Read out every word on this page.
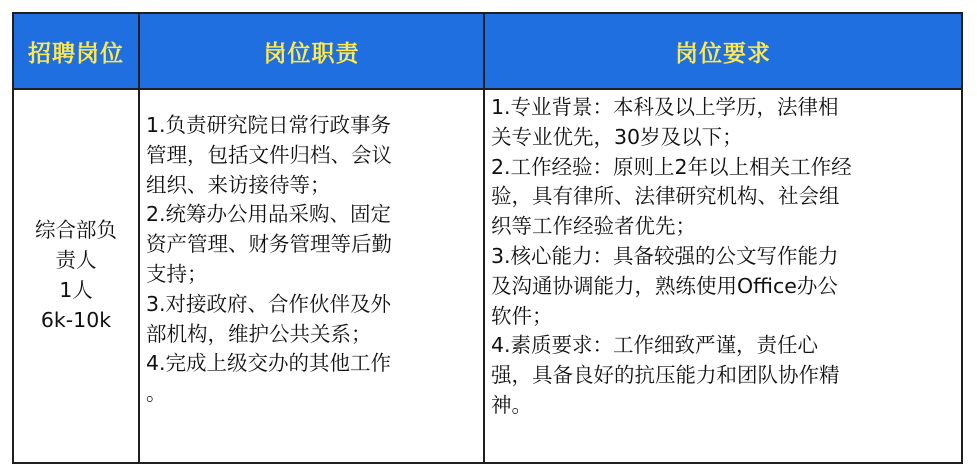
招聘岗位	岗位职责	岗位要求
综合部负
责人
1人
6k-10k
1.负责研究院日常行政事务
管理，包括文件归档、会议
组织、来访接待等；
2.统筹办公用品采购、固定
资产管理、财务管理等后勤
支持；
3.对接政府、合作伙伴及外
部机构，维护公共关系；
4.完成上级交办的其他工作
。
1.专业背景：本科及以上学历，法律相
关专业优先，30岁及以下；
2.工作经验：原则上2年以上相关工作经
验，具有律所、法律研究机构、社会组
织等工作经验者优先；
3.核心能力：具备较强的公文写作能力
及沟通协调能力，熟练使用Office办公
软件；
4.素质要求：工作细致严谨，责任心
强，具备良好的抗压能力和团队协作精
神。
